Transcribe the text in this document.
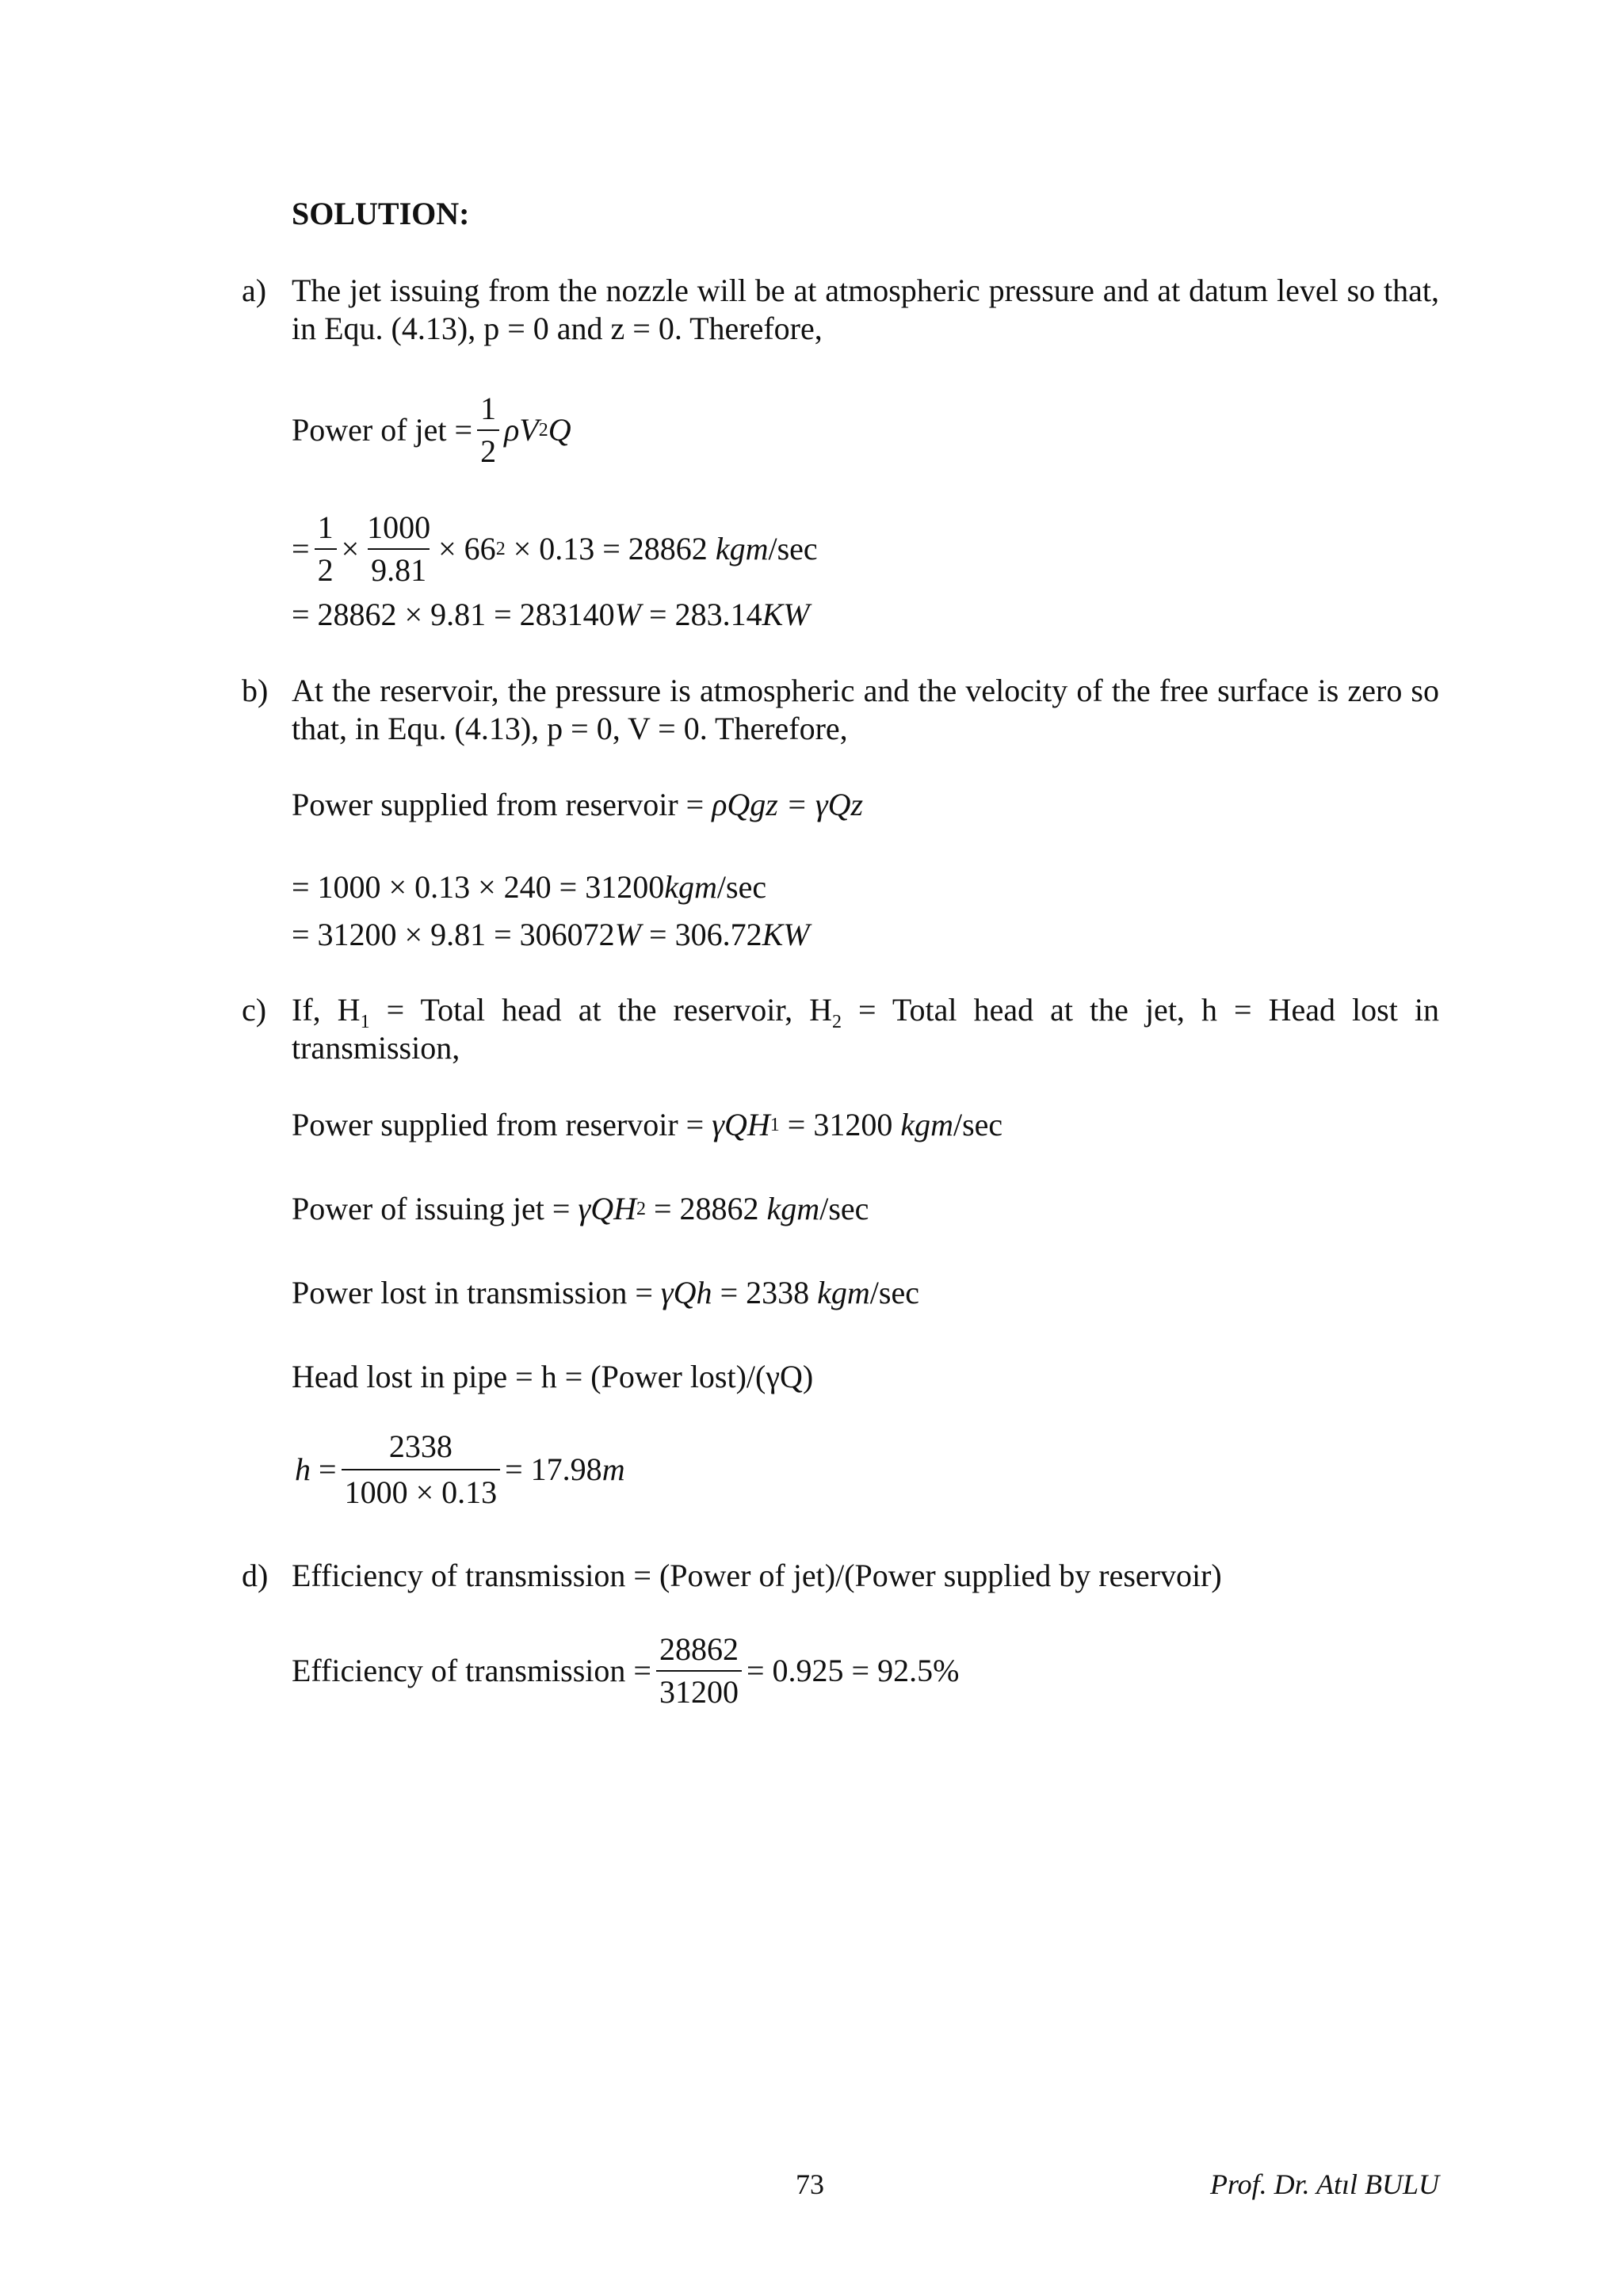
SOLUTION:
a) The jet issuing from the nozzle will be at atmospheric pressure and at datum level so that, in Equ. (4.13), p = 0 and z = 0. Therefore,
Power of jet = $\frac{1}{2}$ ρV 2 Q
= $\frac{1}{2} \times \frac{1000}{9.81} \times 66$ 2 × 0.13 = 28862 kgm / sec
= 28862 × 9.81 = 283140 W = 283.14 KW
b) At the reservoir, the pressure is atmospheric and the velocity of the free surface is zero so that, in Equ. (4.13), p = 0, V = 0. Therefore,
Power supplied from reservoir = ρQgz = γQz
= 1000 × 0.13 × 240 = 31200 kgm / sec
= 31200 × 9.81 = 306072 W = 306.72 KW
c) If, $H_1$ = Total head at the reservoir, $H_2$ = Total head at the jet, h = Head lost in transmission,
Power supplied from reservoir = γQH 1 = 31200 kgm / sec
Power of issuing jet = γQH 2 = 28862 kgm / sec
Power lost in transmission = γQh = 2338 kgm / sec
Head lost in pipe = h = (Power lost)/(γQ)
$h = \frac{2338}{1000 \times 0.13} = 17.98$ m
d) Efficiency of transmission = (Power of jet)/(Power supplied by reservoir)
Efficiency of transmission = $\frac{28862}{31200} = 0.925 = 92.5\%$
73	Prof. Dr. Atıl BULU
